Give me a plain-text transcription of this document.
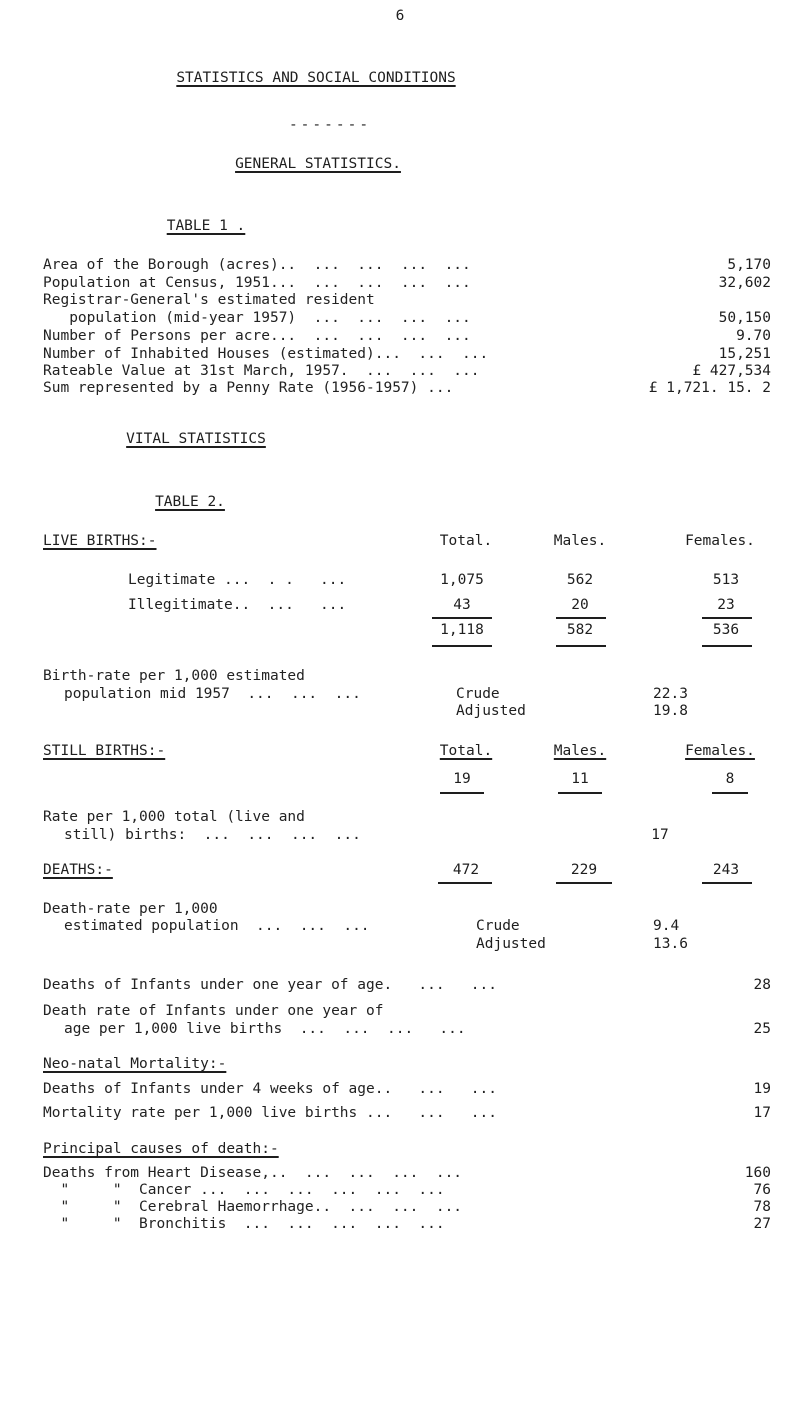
6
STATISTICS AND SOCIAL CONDITIONS
-------
GENERAL STATISTICS.
TABLE 1 .
Area of the Borough (acres)..  ...  ...  ...  ...	5,170
Population at Census, 1951...  ...  ...  ...  ...	32,602
Registrar-General's estimated resident
population (mid-year 1957)  ...  ...  ...  ...	50,150
Number of Persons per acre...  ...  ...  ...  ...	9.70
Number of Inhabited Houses (estimated)...  ...  ...	15,251
Rateable Value at 31st March, 1957.  ...  ...  ...	£ 427,534
Sum represented by a Penny Rate (1956-1957) ...	£ 1,721. 15. 2
VITAL STATISTICS
TABLE 2.
LIVE BIRTHS:-	Total.	Males.	Females.
Legitimate ...  . .   ...	1,075	562	513
Illegitimate..  ...   ...	43	20	23
1,118	582	536
Birth-rate per 1,000 estimated
population mid 1957  ...  ...  ...	Crude	22.3
Adjusted	19.8
STILL BIRTHS:-	Total.	Males.	Females.
19	11	8
Rate per 1,000 total (live and
still) births:  ...  ...  ...  ...	17
DEATHS:-	472	229	243
Death-rate per 1,000
estimated population  ...  ...  ...	Crude	9.4
Adjusted	13.6
Deaths of Infants under one year of age.   ...   ...	28
Death rate of Infants under one year of
age per 1,000 live births  ...  ...  ...   ...	25
Neo-natal Mortality:-
Deaths of Infants under 4 weeks of age..   ...   ...	19
Mortality rate per 1,000 live births ...   ...   ...	17
Principal causes of death:-
Deaths from Heart Disease,..  ...  ...  ...  ...	160
"     "  Cancer ...  ...  ...  ...  ...  ...	76
"     "  Cerebral Haemorrhage..  ...  ...  ...	78
"     "  Bronchitis  ...  ...  ...  ...  ...	27
